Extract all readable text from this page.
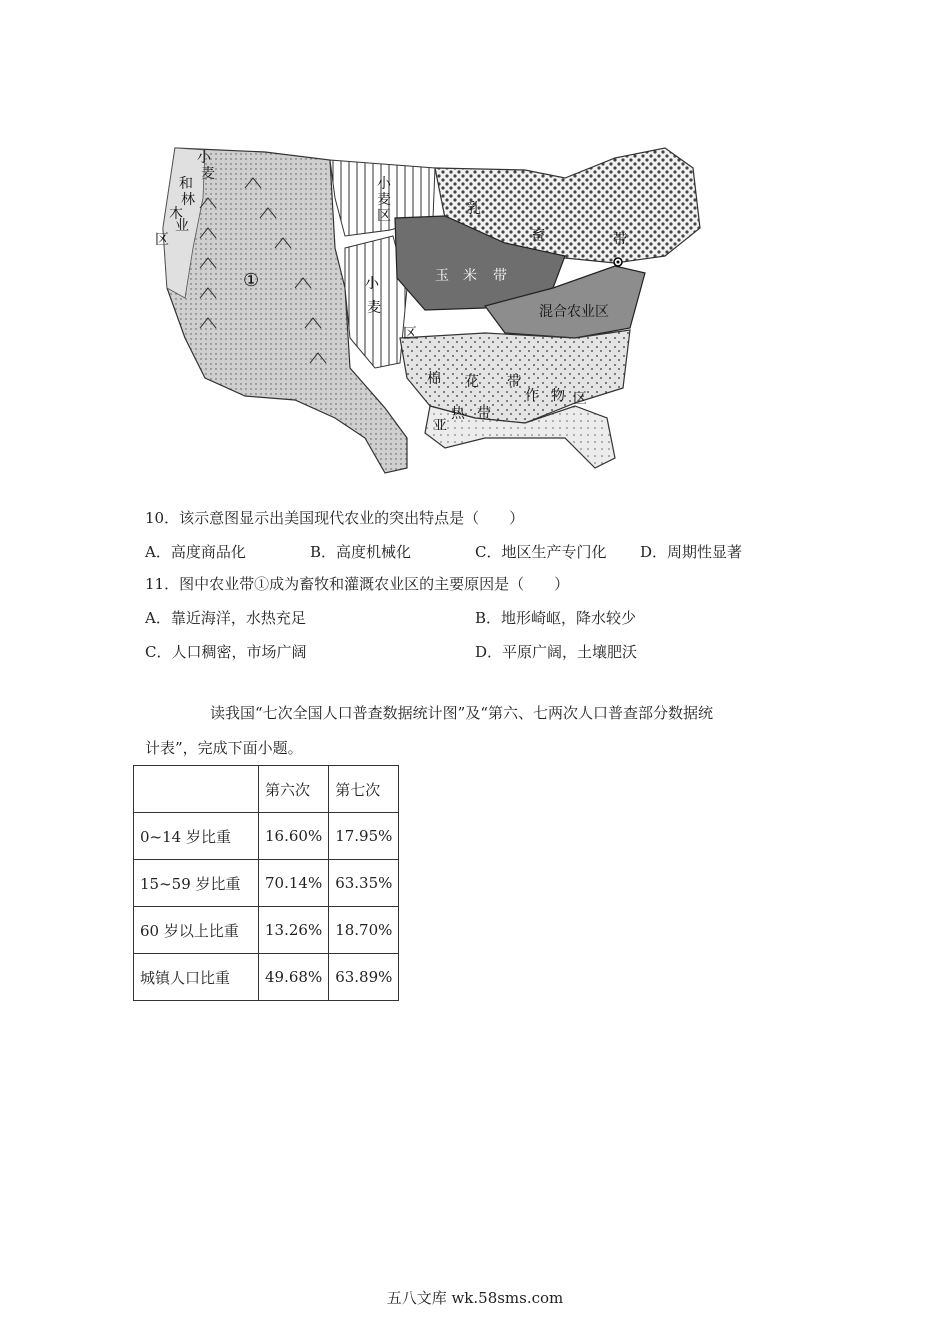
小
麦
和
林
木
业
区
小
麦
区
小
麦
区
①
乳
畜	带
玉 米 带
混合农业区
棉 花 带
作 物 区
亚
热 带
10．该示意图显示出美国现代农业的突出特点是（　　）
A．高度商品化	B．高度机械化	C．地区生产专门化 D．周期性显著
11．图中农业带①成为畜牧和灌溉农业区的主要原因是（　　）
A．靠近海洋，水热充足	B．地形崎岖，降水较少
C．人口稠密，市场广阔	D．平原广阔，土壤肥沃
读我国“七次全国人口普查数据统计图”及“第六、七两次人口普查部分数据统
计表”，完成下面小题。
	第六次	第七次
0~14 岁比重	16.60%	17.95%
15~59 岁比重	70.14%	63.35%
60 岁以上比重	13.26%	18.70%
城镇人口比重	49.68%	63.89%
五八文库 wk.58sms.com
